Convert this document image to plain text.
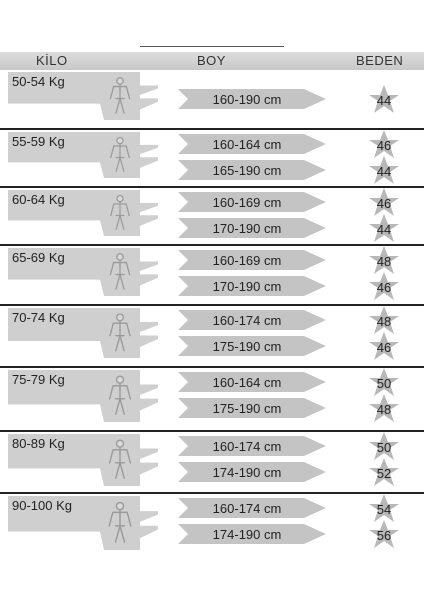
KİLO	BOY	BEDEN
50-54 Kg
160-190 cm	44
55-59 Kg	160-164 cm	46
165-190 cm	44
60-64 Kg	160-169 cm	46
170-190 cm	44
65-69 Kg	160-169 cm	48
170-190 cm	46
70-74 Kg	160-174 cm	48
175-190 cm	46
75-79 Kg	160-164 cm	50
175-190 cm	48
80-89 Kg	160-174 cm	50
174-190 cm	52
90-100 Kg	160-174 cm	54
174-190 cm	56
